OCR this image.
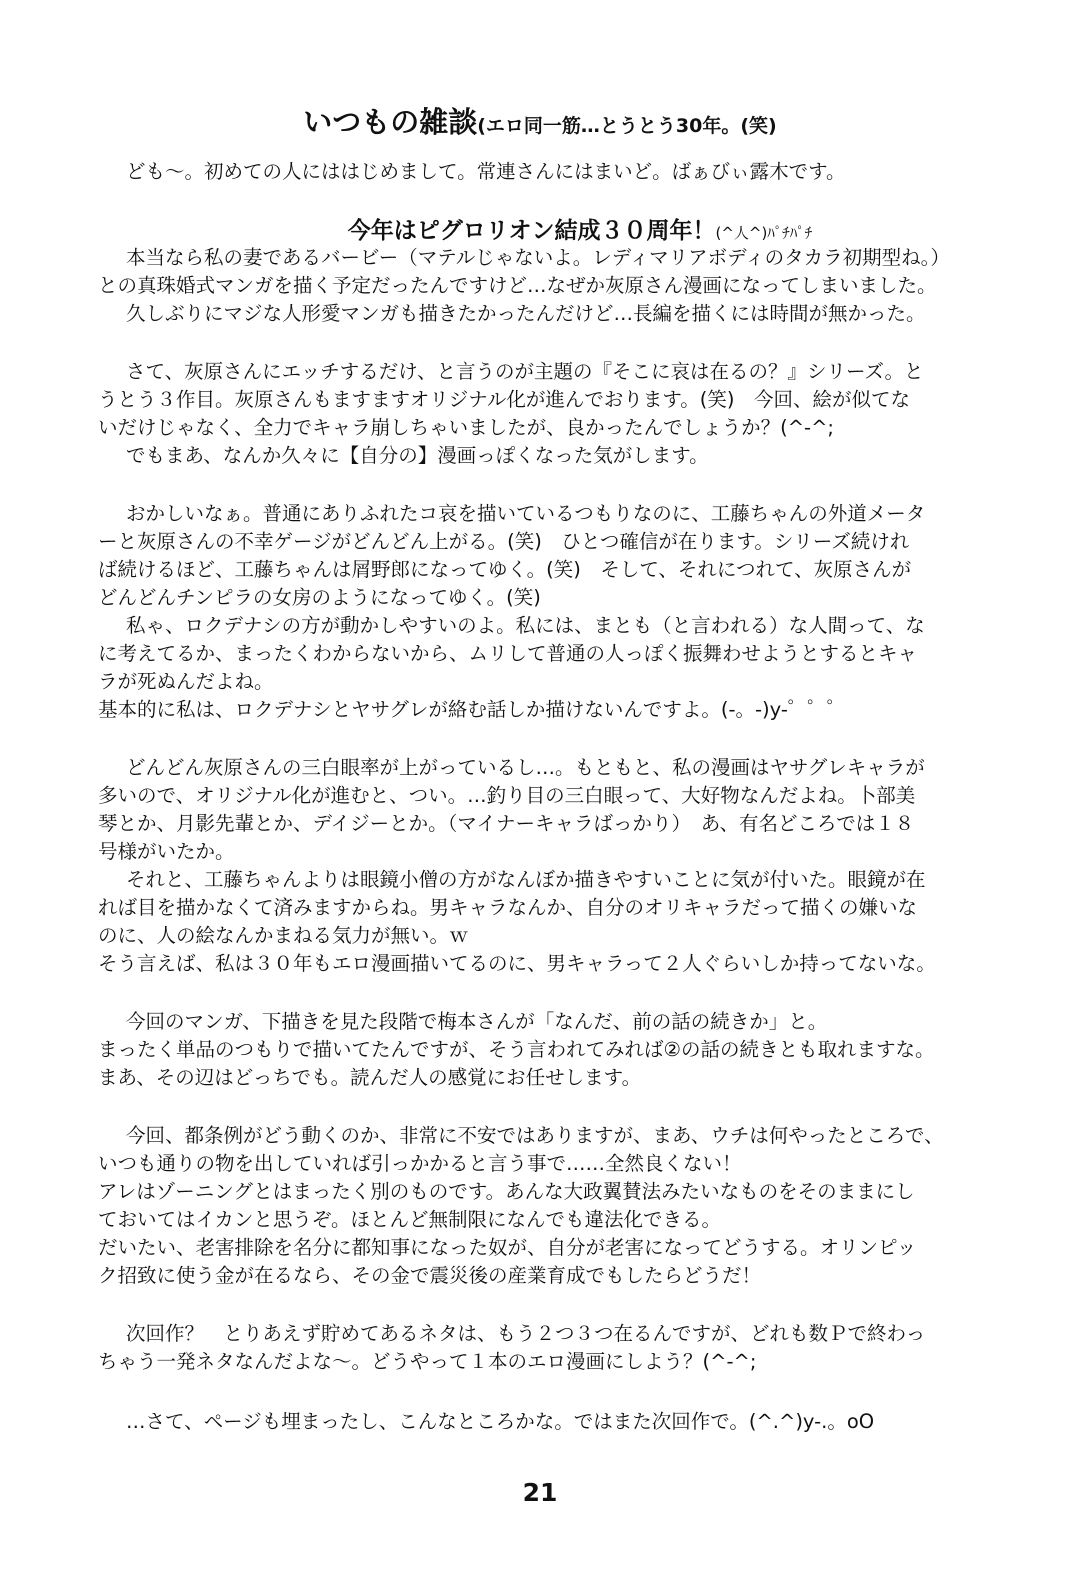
いつもの雑談(エロ同一筋…とうとう30年。(笑)
ども～。初めての人にははじめまして。常連さんにはまいど。ばぁびぃ露木です。
今年はピグロリオン結成３０周年！(^人^)ﾊﾟﾁﾊﾟﾁ
本当なら私の妻であるバービー（マテルじゃないよ。レディマリアボディのタカラ初期型ね。）
との真珠婚式マンガを描く予定だったんですけど…なぜか灰原さん漫画になってしまいました。
久しぶりにマジな人形愛マンガも描きたかったんだけど…長編を描くには時間が無かった。
さて、灰原さんにエッチするだけ、と言うのが主題の『そこに哀は在るの？』シリーズ。と
うとう３作目。灰原さんもますますオリジナル化が進んでおります。(笑)　今回、絵が似てな
いだけじゃなく、全力でキャラ崩しちゃいましたが、良かったんでしょうか？(^-^;
でもまあ、なんか久々に【自分の】漫画っぽくなった気がします。
おかしいなぁ。普通にありふれたコ哀を描いているつもりなのに、工藤ちゃんの外道メータ
ーと灰原さんの不幸ゲージがどんどん上がる。(笑)　ひとつ確信が在ります。シリーズ続けれ
ば続けるほど、工藤ちゃんは屑野郎になってゆく。(笑)　そして、それにつれて、灰原さんが
どんどんチンピラの女房のようになってゆく。(笑)
私ゃ、ロクデナシの方が動かしやすいのよ。私には、まとも（と言われる）な人間って、な
に考えてるか、まったくわからないから、ムリして普通の人っぽく振舞わせようとするとキャ
ラが死ぬんだよね。
基本的に私は、ロクデナシとヤサグレが絡む話しか描けないんですよ。(-。-)y-゜゜゜
どんどん灰原さんの三白眼率が上がっているし…。もともと、私の漫画はヤサグレキャラが
多いので、オリジナル化が進むと、つい。…釣り目の三白眼って、大好物なんだよね。卜部美
琴とか、月影先輩とか、デイジーとか。（マイナーキャラばっかり）　あ、有名どころでは１８
号様がいたか。
それと、工藤ちゃんよりは眼鏡小僧の方がなんぼか描きやすいことに気が付いた。眼鏡が在
れば目を描かなくて済みますからね。男キャラなんか、自分のオリキャラだって描くの嫌いな
のに、人の絵なんかまねる気力が無い。ｗ
そう言えば、私は３０年もエロ漫画描いてるのに、男キャラって２人ぐらいしか持ってないな。
今回のマンガ、下描きを見た段階で梅本さんが「なんだ、前の話の続きか」と。
まったく単品のつもりで描いてたんですが、そう言われてみれば②の話の続きとも取れますな。
まあ、その辺はどっちでも。読んだ人の感覚にお任せします。
今回、都条例がどう動くのか、非常に不安ではありますが、まあ、ウチは何やったところで、
いつも通りの物を出していれば引っかかると言う事で……全然良くない！
アレはゾーニングとはまったく別のものです。あんな大政翼賛法みたいなものをそのままにし
ておいてはイカンと思うぞ。ほとんど無制限になんでも違法化できる。
だいたい、老害排除を名分に都知事になった奴が、自分が老害になってどうする。オリンピッ
ク招致に使う金が在るなら、その金で震災後の産業育成でもしたらどうだ！
次回作？　とりあえず貯めてあるネタは、もう２つ３つ在るんですが、どれも数Ｐで終わっ
ちゃう一発ネタなんだよな～。どうやって１本のエロ漫画にしよう？(^-^;
…さて、ページも埋まったし、こんなところかな。ではまた次回作で。(^.^)y-.。oO
21
